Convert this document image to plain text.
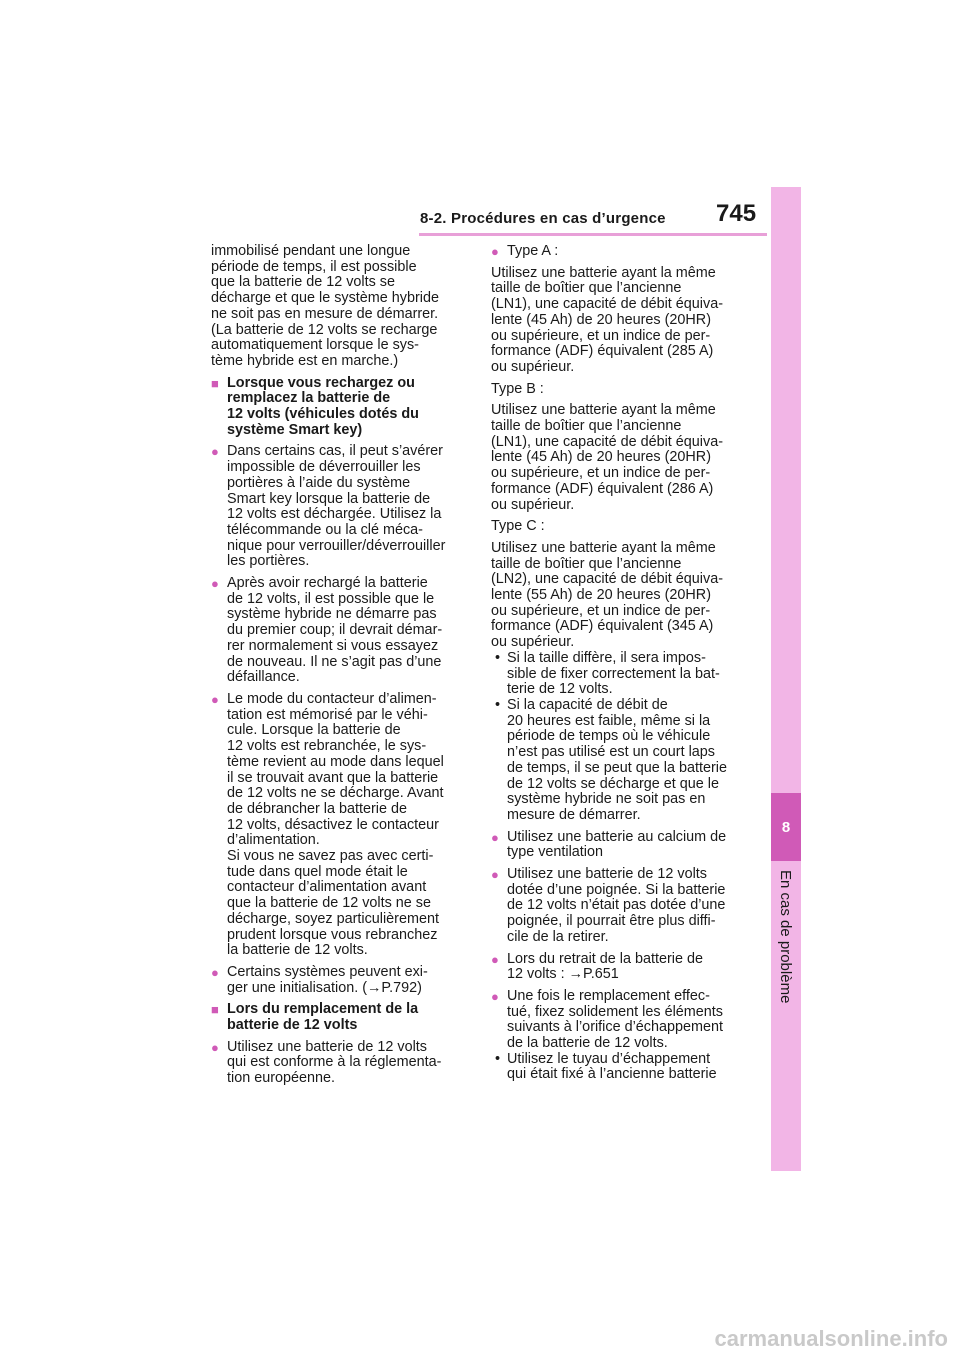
8-2. Procédures en cas d’urgence 745
8
En cas de problème
immobilisé pendant une longue
période de temps, il est possible
que la batterie de 12 volts se
décharge et que le système hybride
ne soit pas en mesure de démarrer.
(La batterie de 12 volts se recharge
automatiquement lorsque le sys-
tème hybride est en marche.)
■ Lorsque vous rechargez ou
remplacez la batterie de
12 volts (véhicules dotés du
système Smart key)
● Dans certains cas, il peut s’avérer
impossible de déverrouiller les
portières à l’aide du système
Smart key lorsque la batterie de
12 volts est déchargée. Utilisez la
télécommande ou la clé méca-
nique pour verrouiller/déverrouiller
les portières.
● Après avoir rechargé la batterie
de 12 volts, il est possible que le
système hybride ne démarre pas
du premier coup; il devrait démar-
rer normalement si vous essayez
de nouveau. Il ne s’agit pas d’une
défaillance.
● Le mode du contacteur d’alimen-
tation est mémorisé par le véhi-
cule. Lorsque la batterie de
12 volts est rebranchée, le sys-
tème revient au mode dans lequel
il se trouvait avant que la batterie
de 12 volts ne se décharge. Avant
de débrancher la batterie de
12 volts, désactivez le contacteur
d’alimentation.
Si vous ne savez pas avec certi-
tude dans quel mode était le
contacteur d’alimentation avant
que la batterie de 12 volts ne se
décharge, soyez particulièrement
prudent lorsque vous rebranchez
la batterie de 12 volts.
● Certains systèmes peuvent exi-
ger une initialisation. (→P.792)
■ Lors du remplacement de la
batterie de 12 volts
● Utilisez une batterie de 12 volts
qui est conforme à la réglementa-
tion européenne.
● Type A :
Utilisez une batterie ayant la même
taille de boîtier que l’ancienne
(LN1), une capacité de débit équiva-
lente (45 Ah) de 20 heures (20HR)
ou supérieure, et un indice de per-
formance (ADF) équivalent (285 A)
ou supérieur.
Type B :
Utilisez une batterie ayant la même
taille de boîtier que l’ancienne
(LN1), une capacité de débit équiva-
lente (45 Ah) de 20 heures (20HR)
ou supérieure, et un indice de per-
formance (ADF) équivalent (286 A)
ou supérieur.
Type C :
Utilisez une batterie ayant la même
taille de boîtier que l’ancienne
(LN2), une capacité de débit équiva-
lente (55 Ah) de 20 heures (20HR)
ou supérieure, et un indice de per-
formance (ADF) équivalent (345 A)
ou supérieur.
• Si la taille diffère, il sera impos-
sible de fixer correctement la bat-
terie de 12 volts.
• Si la capacité de débit de
20 heures est faible, même si la
période de temps où le véhicule
n’est pas utilisé est un court laps
de temps, il se peut que la batterie
de 12 volts se décharge et que le
système hybride ne soit pas en
mesure de démarrer.
● Utilisez une batterie au calcium de
type ventilation
● Utilisez une batterie de 12 volts
dotée d’une poignée. Si la batterie
de 12 volts n’était pas dotée d’une
poignée, il pourrait être plus diffi-
cile de la retirer.
● Lors du retrait de la batterie de
12 volts : →P.651
● Une fois le remplacement effec-
tué, fixez solidement les éléments
suivants à l’orifice d’échappement
de la batterie de 12 volts.
• Utilisez le tuyau d’échappement
qui était fixé à l’ancienne batterie
carmanualsonline.info
